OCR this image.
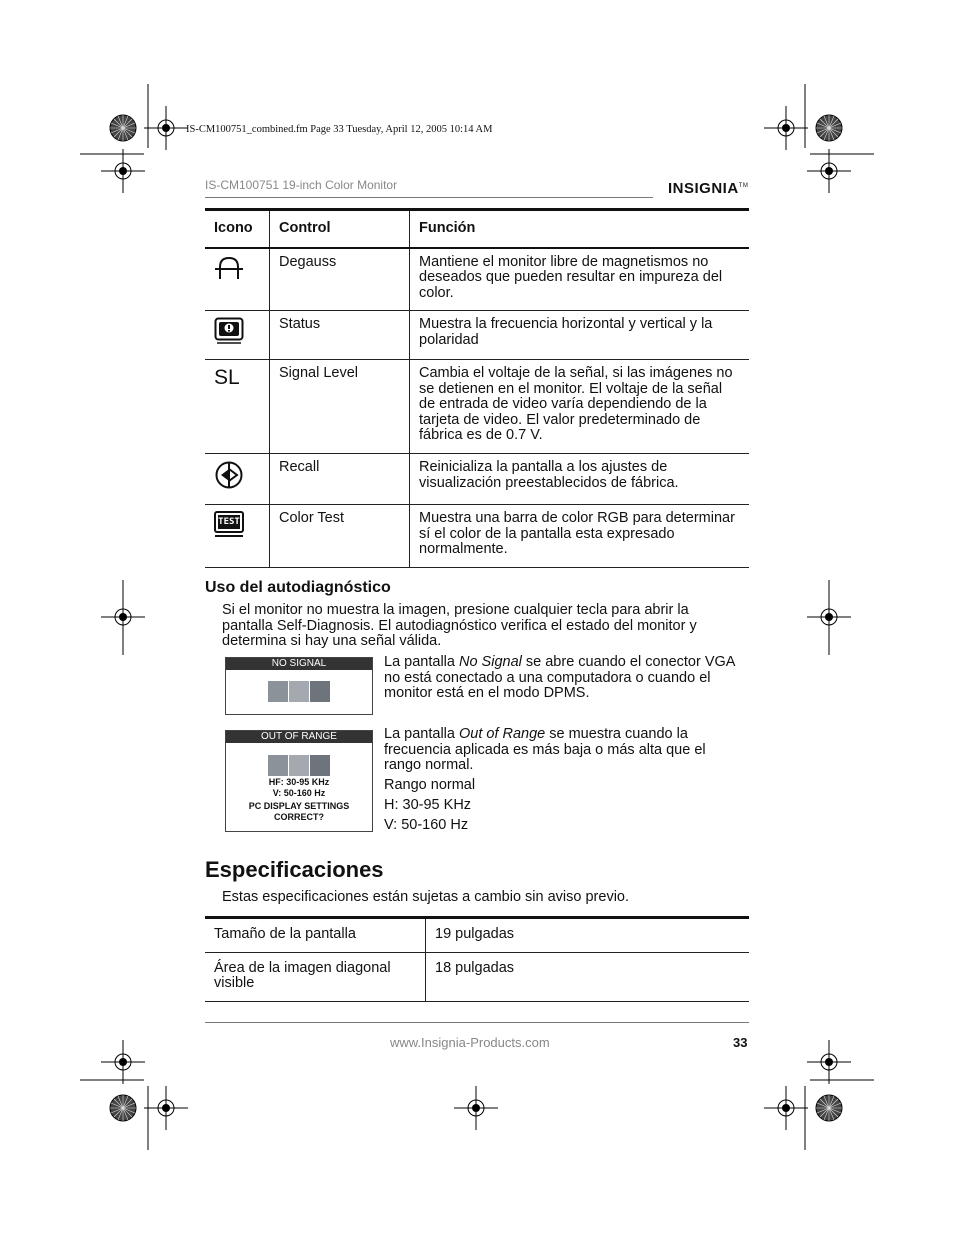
IS-CM100751_combined.fm Page 33 Tuesday, April 12, 2005 10:14 AM
IS-CM100751 19-inch Color Monitor	INSIGNIA™
Icono	Control	Función

	Degauss	Mantiene el monitor libre de magnetismos no deseados que pueden resultar en impureza del color.

	Status	Muestra la frecuencia horizontal y vertical y la polaridad

SL	Signal Level	Cambia el voltaje de la señal, si las imágenes no se detienen en el monitor. El voltaje de la señal de entrada de video varía dependiendo de la tarjeta de video. El valor predeterminado de fábrica es de 0.7 V.

	Recall	Reinicializa la pantalla a los ajustes de visualización preestablecidos de fábrica.

TEST	Color Test	Muestra una barra de color RGB para determinar sí el color de la pantalla esta expresado normalmente.
Uso del autodiagnóstico
Si el monitor no muestra la imagen, presione cualquier tecla para abrir la pantalla Self-Diagnosis. El autodiagnóstico verifica el estado del monitor y determina si hay una señal válida.
NO SIGNAL	La pantalla No Signal se abre cuando el conector VGA no está conectado a una computadora o cuando el monitor está en el modo DPMS.
OUT OF RANGE
HF: 30-95 KHz
V: 50-160 Hz
PC DISPLAY SETTINGS
CORRECT?
La pantalla Out of Range se muestra cuando la frecuencia aplicada es más baja o más alta que el rango normal.
Rango normal
H: 30-95 KHz
V: 50-160 Hz
Especificaciones
Estas especificaciones están sujetas a cambio sin aviso previo.
Tamaño de la pantalla	19 pulgadas
Área de la imagen diagonal visible	18 pulgadas
www.Insignia-Products.com	33
